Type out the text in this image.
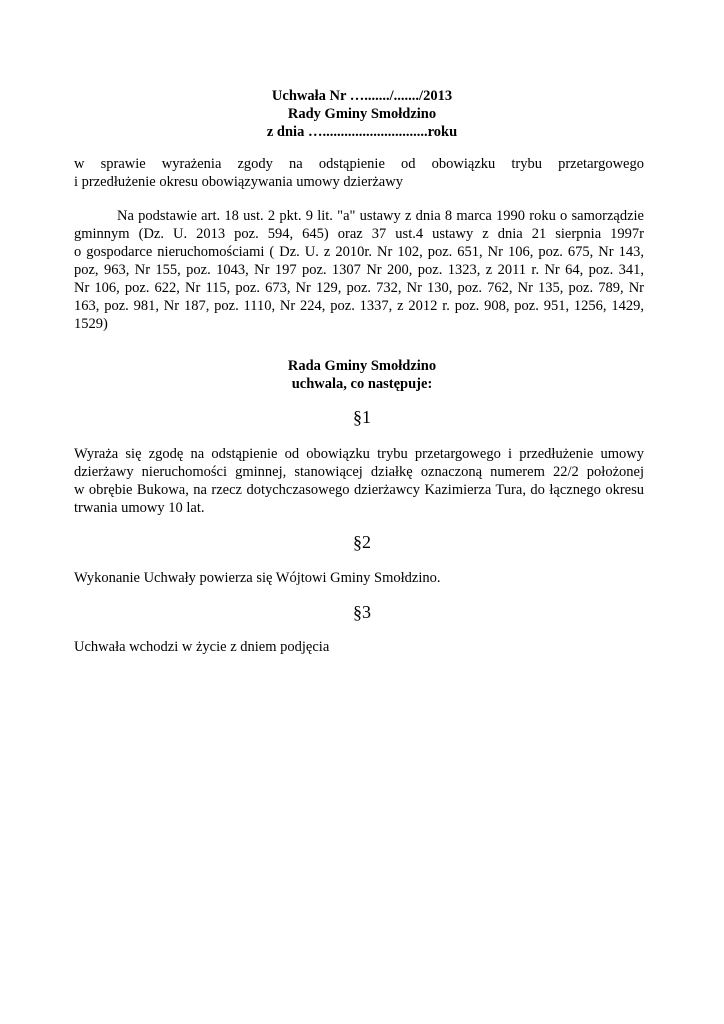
Uchwała Nr …......./......./2013
Rady Gminy Smołdzino
z dnia ….............................roku
w sprawie wyrażenia zgody na odstąpienie od obowiązku trybu przetargowego
i przedłużenie okresu obowiązywania umowy dzierżawy
Na podstawie art. 18 ust. 2 pkt. 9 lit. "a" ustawy z dnia 8 marca 1990 roku o samorządzie
gminnym (Dz. U. 2013 poz. 594, 645) oraz 37 ust.4 ustawy z dnia 21 sierpnia 1997r
o gospodarce nieruchomościami ( Dz. U. z 2010r. Nr 102, poz. 651, Nr 106, poz. 675, Nr 143,
poz, 963, Nr 155, poz. 1043, Nr 197 poz. 1307 Nr 200, poz. 1323, z 2011 r. Nr 64, poz. 341,
Nr 106, poz. 622, Nr 115, poz. 673, Nr 129, poz. 732, Nr 130, poz. 762, Nr 135, poz. 789, Nr
163, poz. 981, Nr 187, poz. 1110, Nr 224, poz. 1337, z 2012 r. poz. 908, poz. 951, 1256, 1429,
1529)
Rada Gminy Smołdzino
uchwala, co następuje:
§1
Wyraża się zgodę na odstąpienie od obowiązku trybu przetargowego i przedłużenie umowy
dzierżawy nieruchomości gminnej, stanowiącej działkę oznaczoną numerem 22/2 położonej
w obrębie Bukowa, na rzecz dotychczasowego dzierżawcy Kazimierza Tura, do łącznego okresu
trwania umowy 10 lat.
§2
Wykonanie Uchwały powierza się Wójtowi Gminy Smołdzino.
§3
Uchwała wchodzi w życie z dniem podjęcia
